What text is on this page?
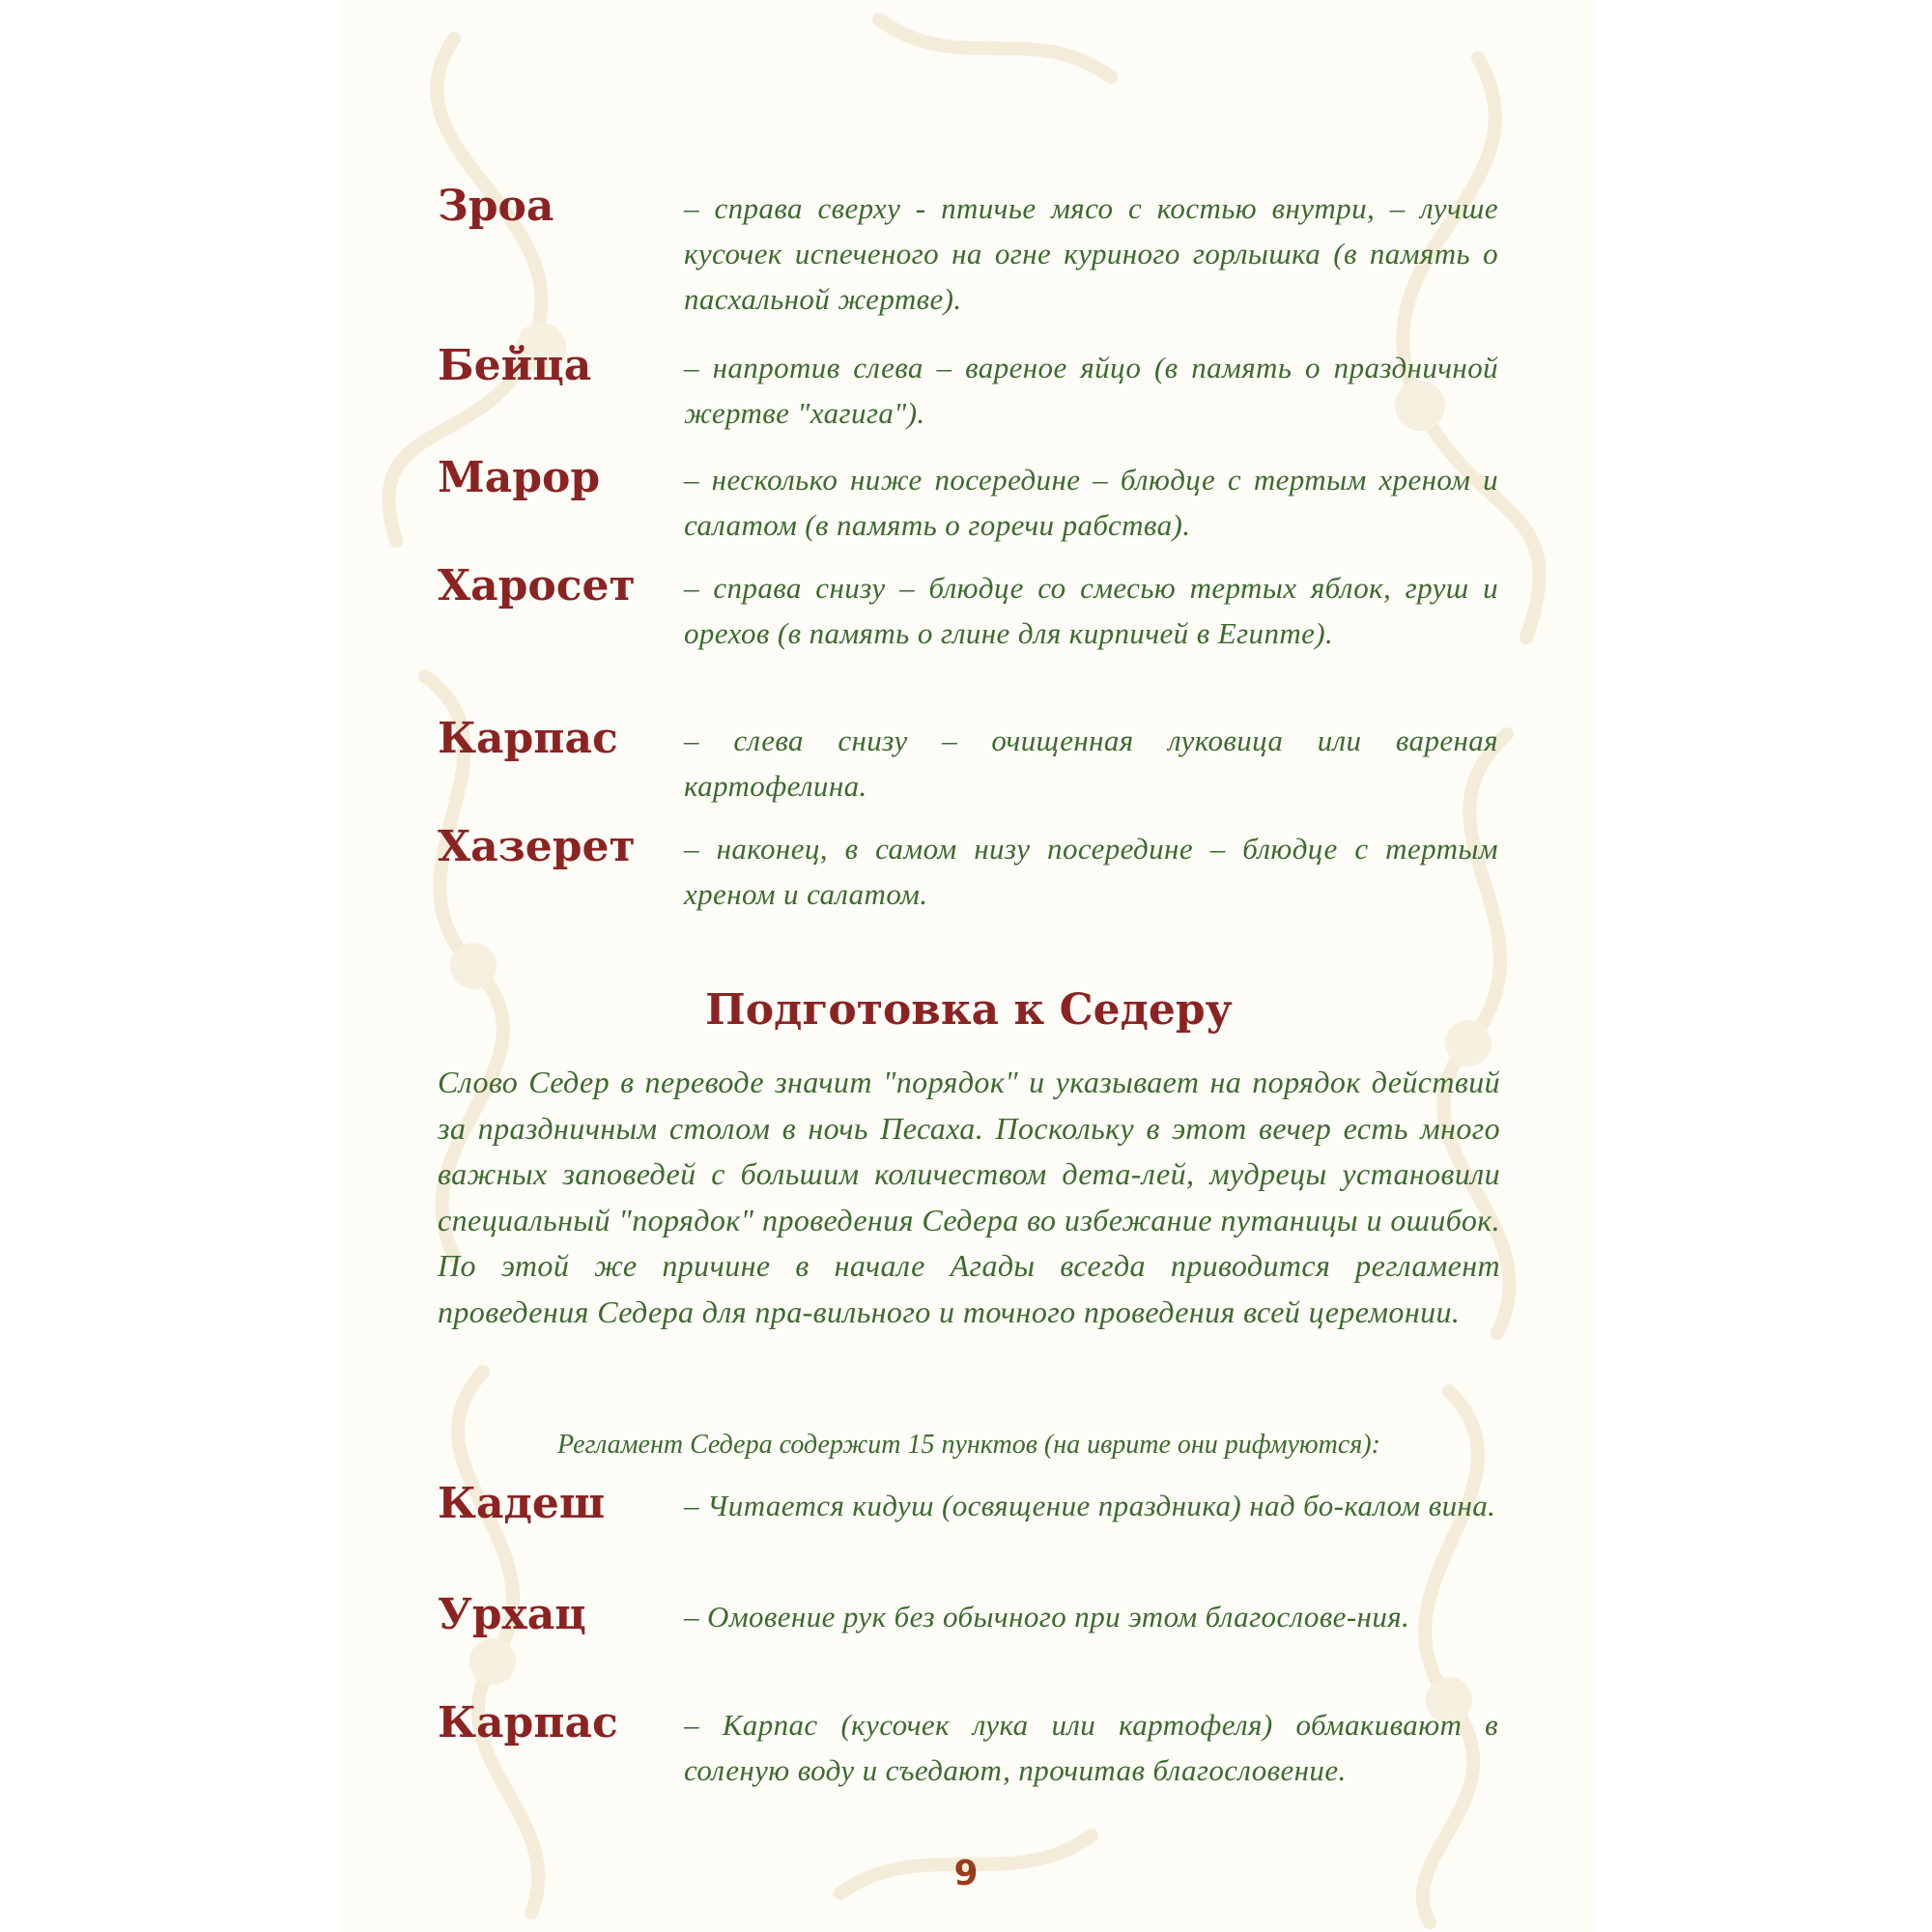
Зроа	– справа сверху - птичье мясо с костью внутри, – лучше кусочек испеченого на огне куриного горлышка (в память о пасхальной жертве).
Бейца	– напротив слева – вареное яйцо (в память о праздничной жертве "хагига").
Марор	– несколько ниже посередине – блюдце с тертым хреном и салатом (в память о горечи рабства).
Харосет	– справа снизу – блюдце со смесью тертых яблок, груш и орехов (в память о глине для кирпичей в Египте).
Карпас	– слева снизу – очищенная луковица или вареная картофелина.
Хазерет	– наконец, в самом низу посередине – блюдце с тертым хреном и салатом.
Подготовка к Седеру
Слово Седер в переводе значит "порядок" и указывает на порядок действий за праздничным столом в ночь Песаха. Поскольку в этот вечер есть много важных заповедей с большим количеством дета-лей, мудрецы установили специальный "порядок" проведения Седера во избежание путаницы и ошибок. По этой же причине в начале Агады всегда приводится регламент проведения Седера для пра-вильного и точного проведения всей церемонии.
Регламент Седера содержит 15 пунктов (на иврите они рифмуются):
Кадеш	– Читается кидуш (освящение праздника) над бо-калом вина.
Урхац	– Омовение рук без обычного при этом благослове-ния.
Карпас	– Карпас (кусочек лука или картофеля) обмакивают в соленую воду и съедают, прочитав благословение.
9
